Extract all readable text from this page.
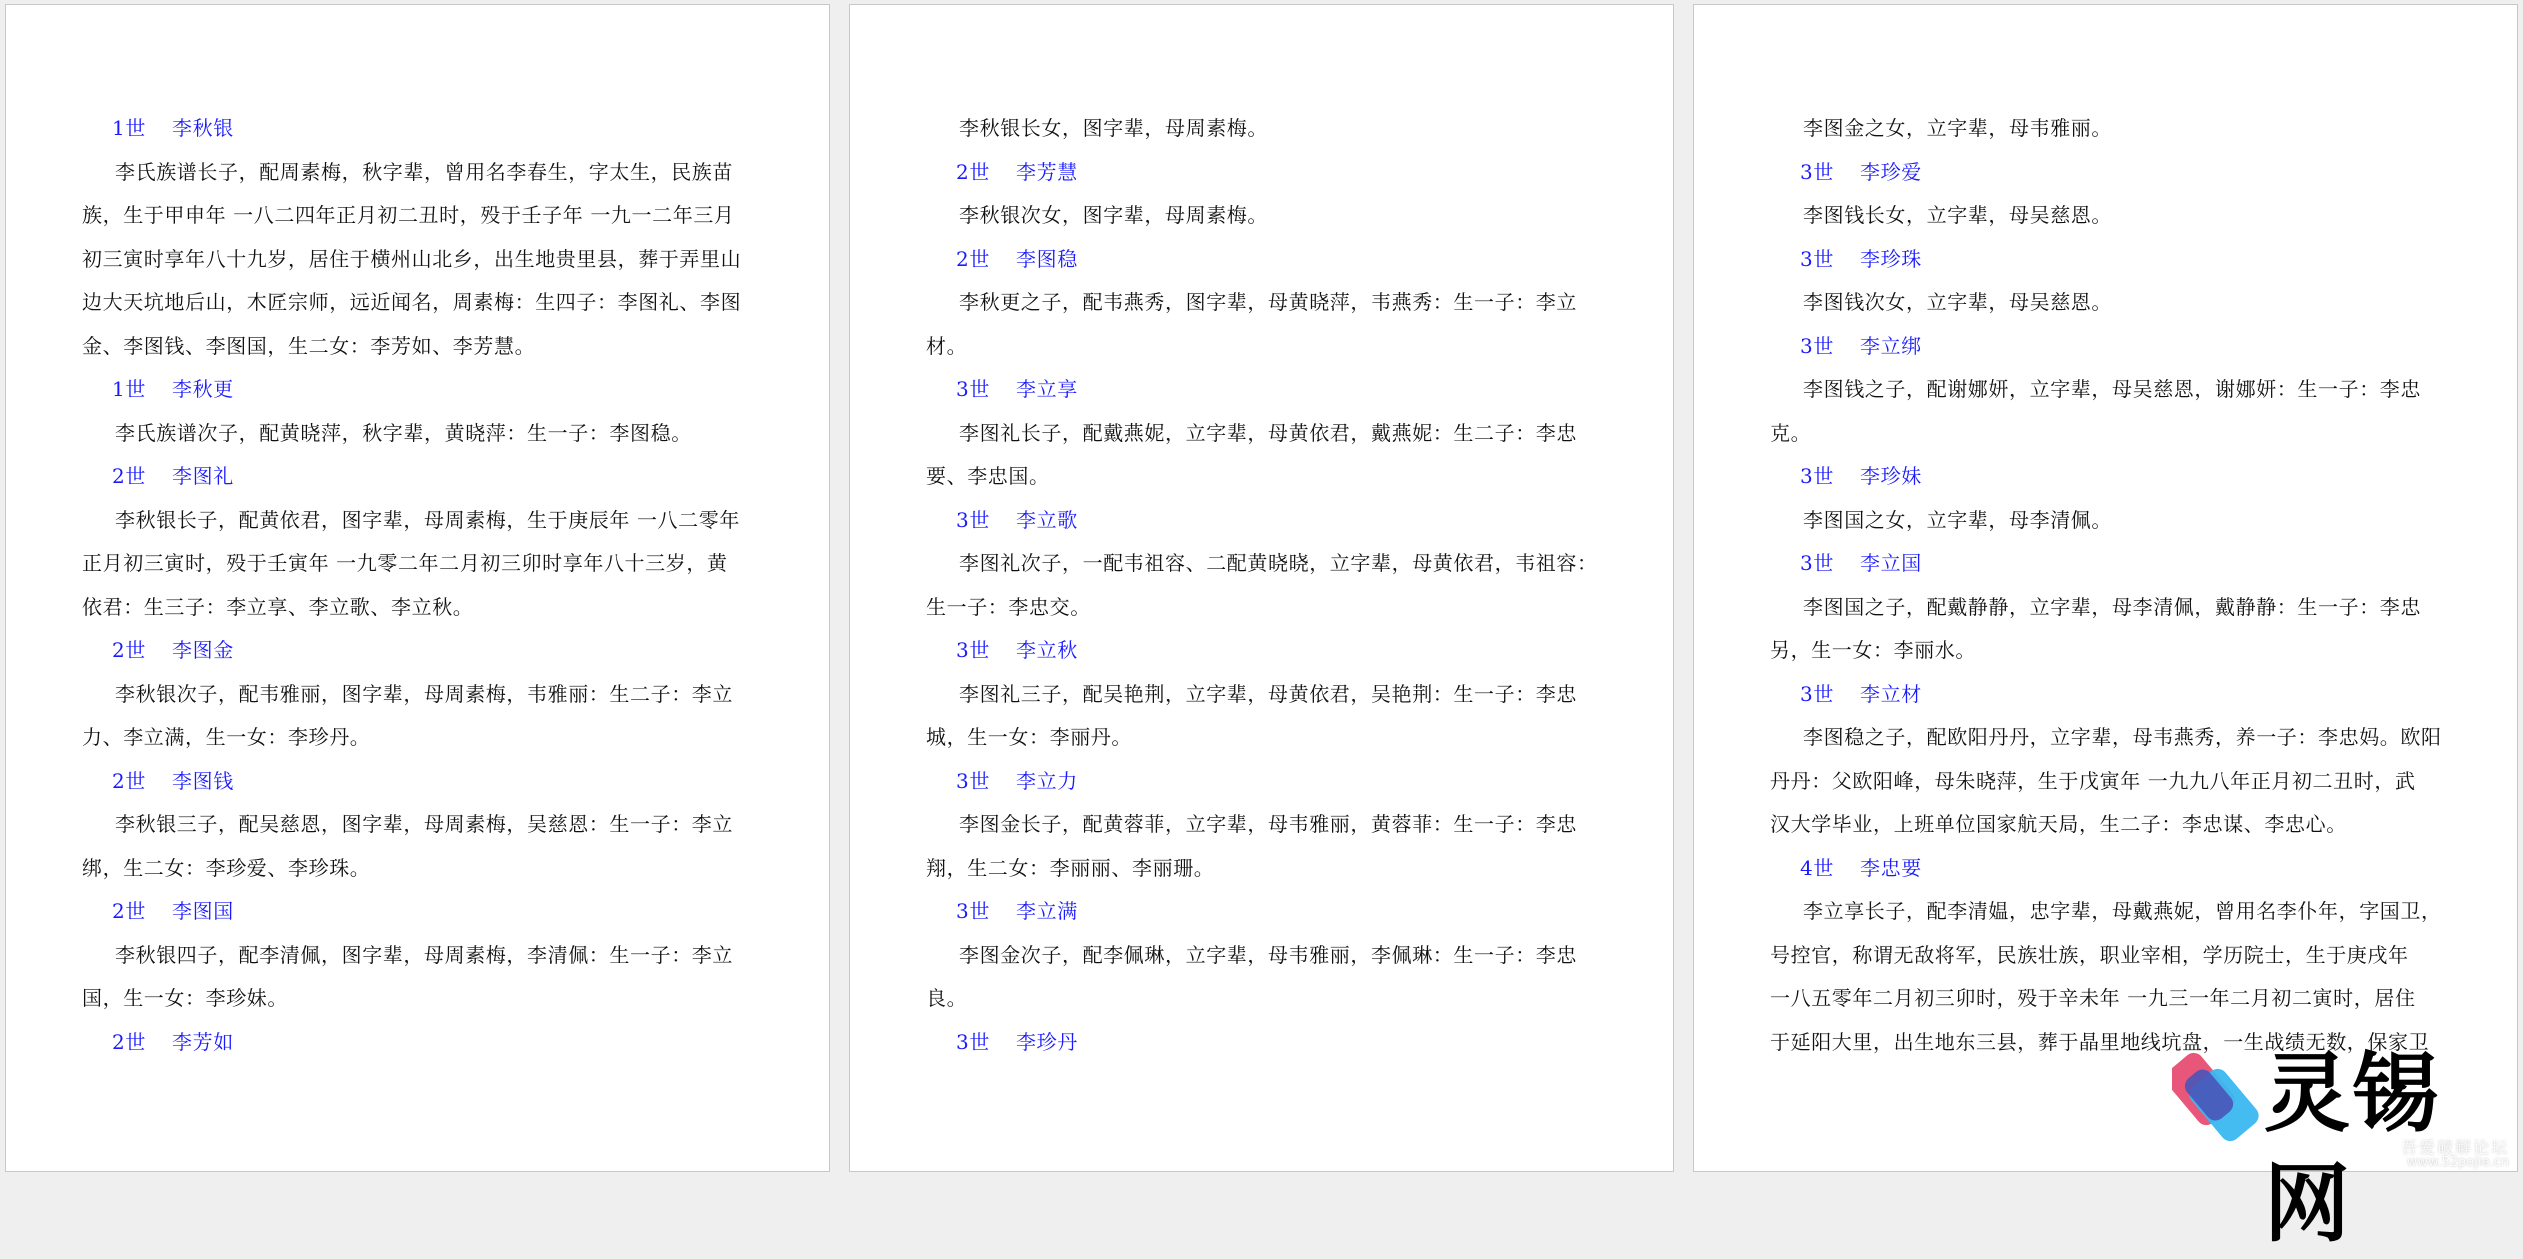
1世 李秋银
李氏族谱长子，配周素梅，秋字辈，曾用名李春生，字太生，民族苗
族，生于甲申年 一八二四年正月初二丑时，殁于壬子年 一九一二年三月
初三寅时享年八十九岁，居住于横州山北乡，出生地贵里县，葬于弄里山
边大天坑地后山，木匠宗师，远近闻名，周素梅：生四子：李图礼、李图
金、李图钱、李图国，生二女：李芳如、李芳慧。
1世 李秋更
李氏族谱次子，配黄晓萍，秋字辈，黄晓萍：生一子：李图稳。
2世 李图礼
李秋银长子，配黄依君，图字辈，母周素梅，生于庚辰年 一八二零年
正月初三寅时，殁于壬寅年 一九零二年二月初三卯时享年八十三岁，黄
依君：生三子：李立享、李立歌、李立秋。
2世 李图金
李秋银次子，配韦雅丽，图字辈，母周素梅，韦雅丽：生二子：李立
力、李立满，生一女：李珍丹。
2世 李图钱
李秋银三子，配吴慈恩，图字辈，母周素梅，吴慈恩：生一子：李立
绑，生二女：李珍爱、李珍珠。
2世 李图国
李秋银四子，配李清佩，图字辈，母周素梅，李清佩：生一子：李立
国，生一女：李珍妹。
2世 李芳如
李秋银长女，图字辈，母周素梅。
2世 李芳慧
李秋银次女，图字辈，母周素梅。
2世 李图稳
李秋更之子，配韦燕秀，图字辈，母黄晓萍，韦燕秀：生一子：李立
材。
3世 李立享
李图礼长子，配戴燕妮，立字辈，母黄依君，戴燕妮：生二子：李忠
要、李忠国。
3世 李立歌
李图礼次子，一配韦祖容、二配黄晓晓，立字辈，母黄依君，韦祖容：
生一子：李忠交。
3世 李立秋
李图礼三子，配吴艳荆，立字辈，母黄依君，吴艳荆：生一子：李忠
城，生一女：李丽丹。
3世 李立力
李图金长子，配黄蓉菲，立字辈，母韦雅丽，黄蓉菲：生一子：李忠
翔，生二女：李丽丽、李丽珊。
3世 李立满
李图金次子，配李佩琳，立字辈，母韦雅丽，李佩琳：生一子：李忠
良。
3世 李珍丹
李图金之女，立字辈，母韦雅丽。
3世 李珍爱
李图钱长女，立字辈，母吴慈恩。
3世 李珍珠
李图钱次女，立字辈，母吴慈恩。
3世 李立绑
李图钱之子，配谢娜妍，立字辈，母吴慈恩，谢娜妍：生一子：李忠
克。
3世 李珍妹
李图国之女，立字辈，母李清佩。
3世 李立国
李图国之子，配戴静静，立字辈，母李清佩，戴静静：生一子：李忠
另，生一女：李丽水。
3世 李立材
李图稳之子，配欧阳丹丹，立字辈，母韦燕秀，养一子：李忠妈。欧阳
丹丹：父欧阳峰，母朱晓萍，生于戊寅年 一九九八年正月初二丑时，武
汉大学毕业，上班单位国家航天局，生二子：李忠谋、李忠心。
4世 李忠要
李立享长子，配李清媪，忠字辈，母戴燕妮，曾用名李仆年，字国卫，
号控官，称谓无敌将军，民族壮族，职业宰相，学历院士，生于庚戌年
一八五零年二月初三卯时，殁于辛未年 一九三一年二月初二寅时，居住
于延阳大里，出生地东三县，葬于晶里地线坑盘，一生战绩无数，保家卫
灵锡网
吾爱破解论坛
www.52pojie.cn
